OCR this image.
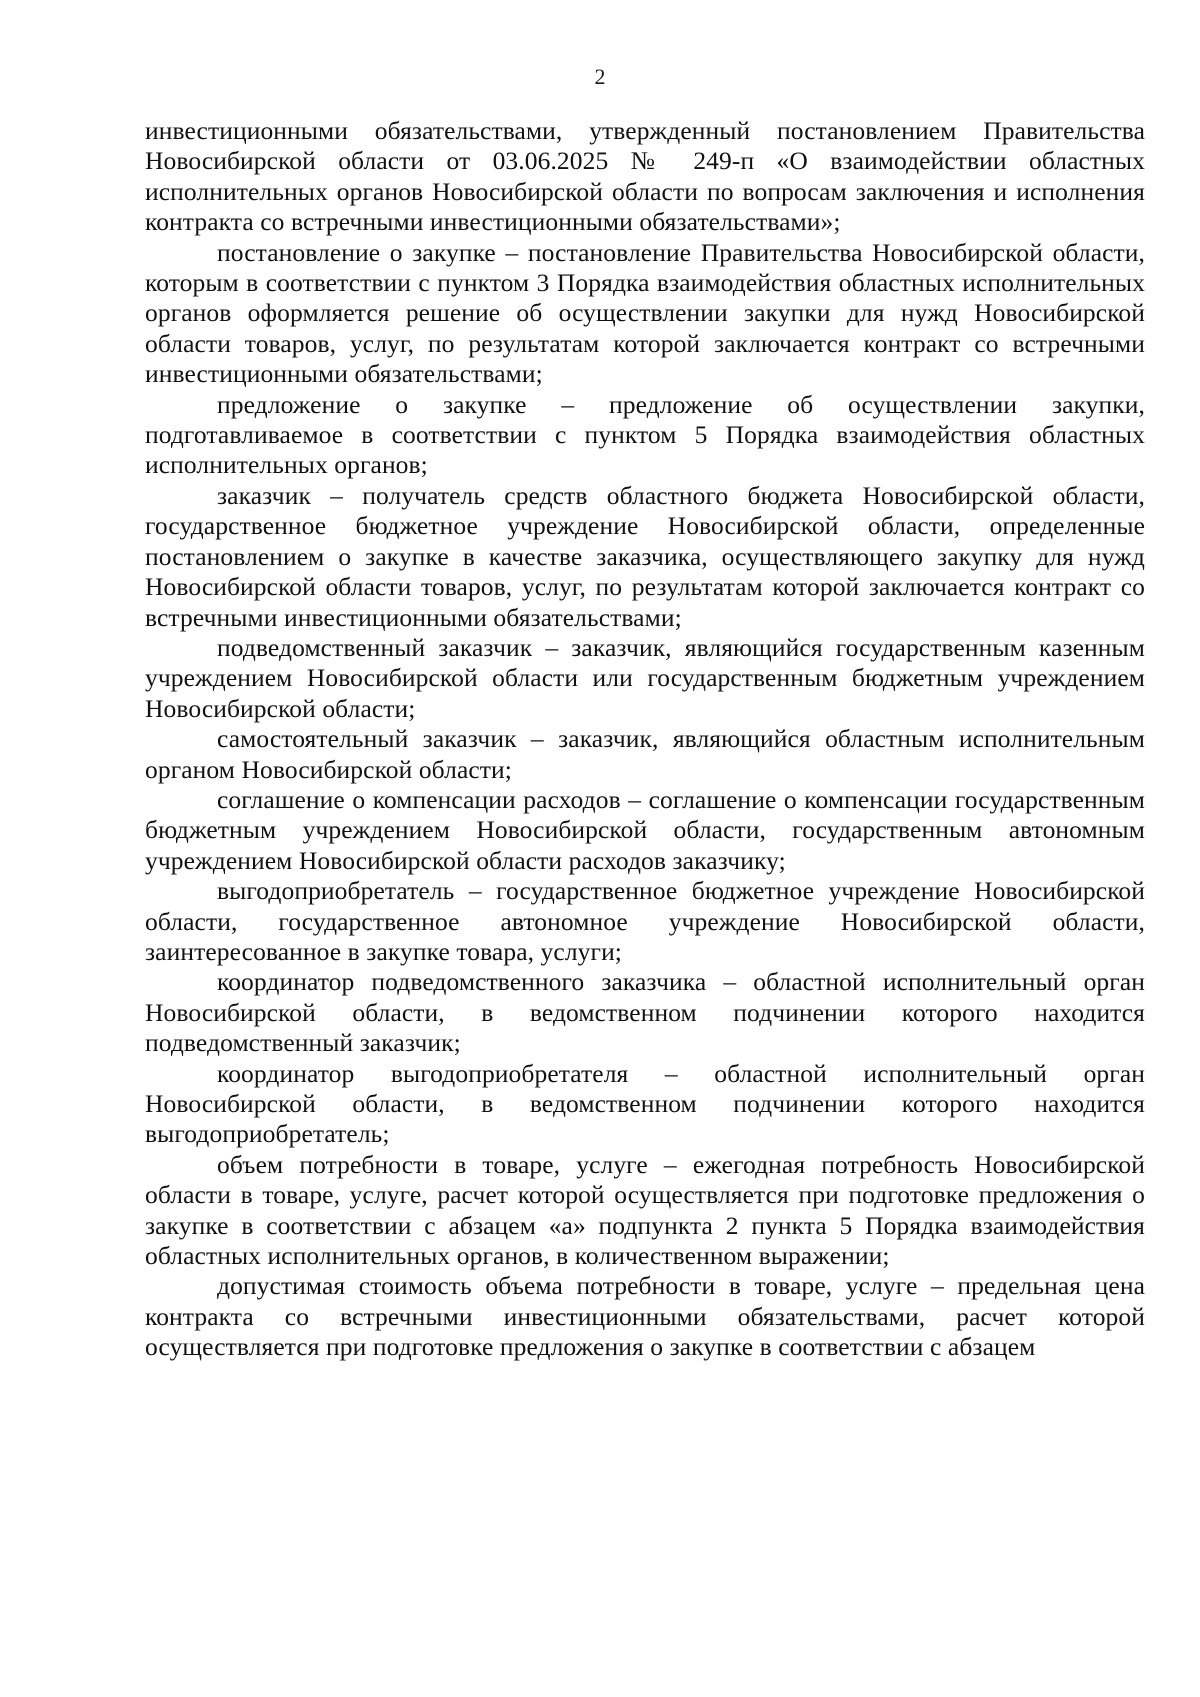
2

инвестиционными обязательствами, утвержденный постановлением Правительства Новосибирской области от 03.06.2025 № 249-п «О взаимодействии областных исполнительных органов Новосибирской области по вопросам заключения и исполнения контракта со встречными инвестиционными обязательствами»;

постановление о закупке – постановление Правительства Новосибирской области, которым в соответствии с пунктом 3 Порядка взаимодействия областных исполнительных органов оформляется решение об осуществлении закупки для нужд Новосибирской области товаров, услуг, по результатам которой заключается контракт со встречными инвестиционными обязательствами;

предложение о закупке – предложение об осуществлении закупки, подготавливаемое в соответствии с пунктом 5 Порядка взаимодействия областных исполнительных органов;

заказчик – получатель средств областного бюджета Новосибирской области, государственное бюджетное учреждение Новосибирской области, определенные постановлением о закупке в качестве заказчика, осуществляющего закупку для нужд Новосибирской области товаров, услуг, по результатам которой заключается контракт со встречными инвестиционными обязательствами;

подведомственный заказчик – заказчик, являющийся государственным казенным учреждением Новосибирской области или государственным бюджетным учреждением Новосибирской области;

самостоятельный заказчик – заказчик, являющийся областным исполнительным органом Новосибирской области;

соглашение о компенсации расходов – соглашение о компенсации государственным бюджетным учреждением Новосибирской области, государственным автономным учреждением Новосибирской области расходов заказчику;

выгодоприобретатель – государственное бюджетное учреждение Новосибирской области, государственное автономное учреждение Новосибирской области, заинтересованное в закупке товара, услуги;

координатор подведомственного заказчика – областной исполнительный орган Новосибирской области, в ведомственном подчинении которого находится подведомственный заказчик;

координатор выгодоприобретателя – областной исполнительный орган Новосибирской области, в ведомственном подчинении которого находится выгодоприобретатель;

объем потребности в товаре, услуге – ежегодная потребность Новосибирской области в товаре, услуге, расчет которой осуществляется при подготовке предложения о закупке в соответствии с абзацем «а» подпункта 2 пункта 5 Порядка взаимодействия областных исполнительных органов, в количественном выражении;

допустимая стоимость объема потребности в товаре, услуге – предельная цена контракта со встречными инвестиционными обязательствами, расчет которой осуществляется при подготовке предложения о закупке в соответствии с абзацем
